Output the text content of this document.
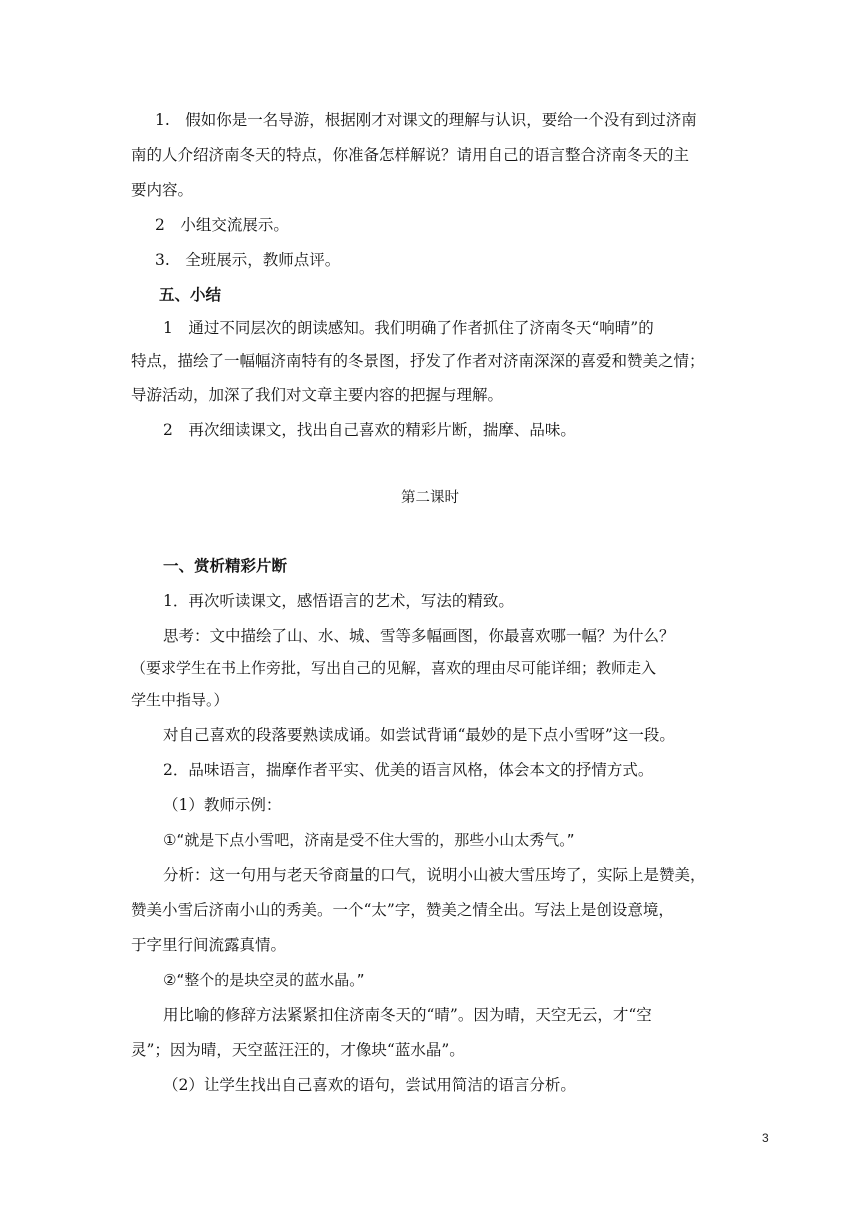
1.　假如你是一名导游，根据刚才对课文的理解与认识，要给一个没有到过济南
南的人介绍济南冬天的特点，你准备怎样解说？请用自己的语言整合济南冬天的主
要内容。
2　小组交流展示。
3.　全班展示，教师点评。
五、小结
1　通过不同层次的朗读感知。我们明确了作者抓住了济南冬天“响晴”的
特点，描绘了一幅幅济南特有的冬景图，抒发了作者对济南深深的喜爱和赞美之情；
导游活动，加深了我们对文章主要内容的把握与理解。
2　再次细读课文，找出自己喜欢的精彩片断，揣摩、品味。
第二课时
一、赏析精彩片断
1．再次听读课文，感悟语言的艺术，写法的精致。
思考：文中描绘了山、水、城、雪等多幅画图，你最喜欢哪一幅？为什么？
（要求学生在书上作旁批，写出自己的见解，喜欢的理由尽可能详细；教师走入
学生中指导。）
对自己喜欢的段落要熟读成诵。如尝试背诵“最妙的是下点小雪呀”这一段。
2．品味语言，揣摩作者平实、优美的语言风格，体会本文的抒情方式。
（1）教师示例：
①“就是下点小雪吧，济南是受不住大雪的，那些小山太秀气。”
分析：这一句用与老天爷商量的口气，说明小山被大雪压垮了，实际上是赞美，
赞美小雪后济南小山的秀美。一个“太”字，赞美之情全出。写法上是创设意境，
于字里行间流露真情。
②“整个的是块空灵的蓝水晶。”
用比喻的修辞方法紧紧扣住济南冬天的“晴”。因为晴，天空无云，才“空
灵”；因为晴，天空蓝汪汪的，才像块“蓝水晶”。
（2）让学生找出自己喜欢的语句，尝试用简洁的语言分析。
3
